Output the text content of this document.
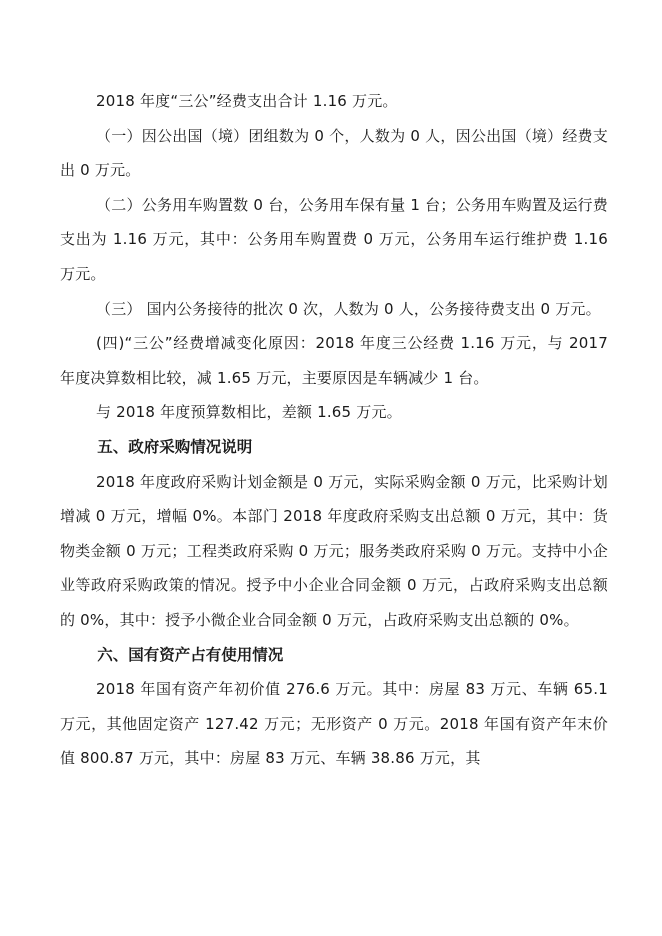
2018 年度“三公”经费支出合计 1.16 万元。

（一）因公出国（境）团组数为 0 个，人数为 0 人，因公出国（境）经费支出 0 万元。

（二）公务用车购置数 0 台，公务用车保有量 1 台；公务用车购置及运行费支出为 1.16 万元，其中：公务用车购置费 0 万元，公务用车运行维护费 1.16 万元。

（三） 国内公务接待的批次 0 次，人数为 0 人，公务接待费支出 0 万元。

(四)“三公”经费增减变化原因：2018 年度三公经费 1.16 万元，与 2017 年度决算数相比较，减 1.65 万元，主要原因是车辆减少 1 台。

与 2018 年度预算数相比，差额 1.65 万元。

五、政府采购情况说明

2018 年度政府采购计划金额是 0 万元，实际采购金额 0 万元，比采购计划增减 0 万元，增幅 0%。本部门 2018 年度政府采购支出总额 0 万元，其中：货物类金额 0 万元；工程类政府采购 0 万元；服务类政府采购 0 万元。支持中小企业等政府采购政策的情况。授予中小企业合同金额 0 万元，占政府采购支出总额的 0%，其中：授予小微企业合同金额 0 万元，占政府采购支出总额的 0%。

六、国有资产占有使用情况

2018 年国有资产年初价值 276.6 万元。其中：房屋 83 万元、车辆 65.1 万元，其他固定资产 127.42 万元；无形资产 0 万元。2018 年国有资产年末价值 800.87 万元，其中：房屋 83 万元、车辆 38.86 万元，其
